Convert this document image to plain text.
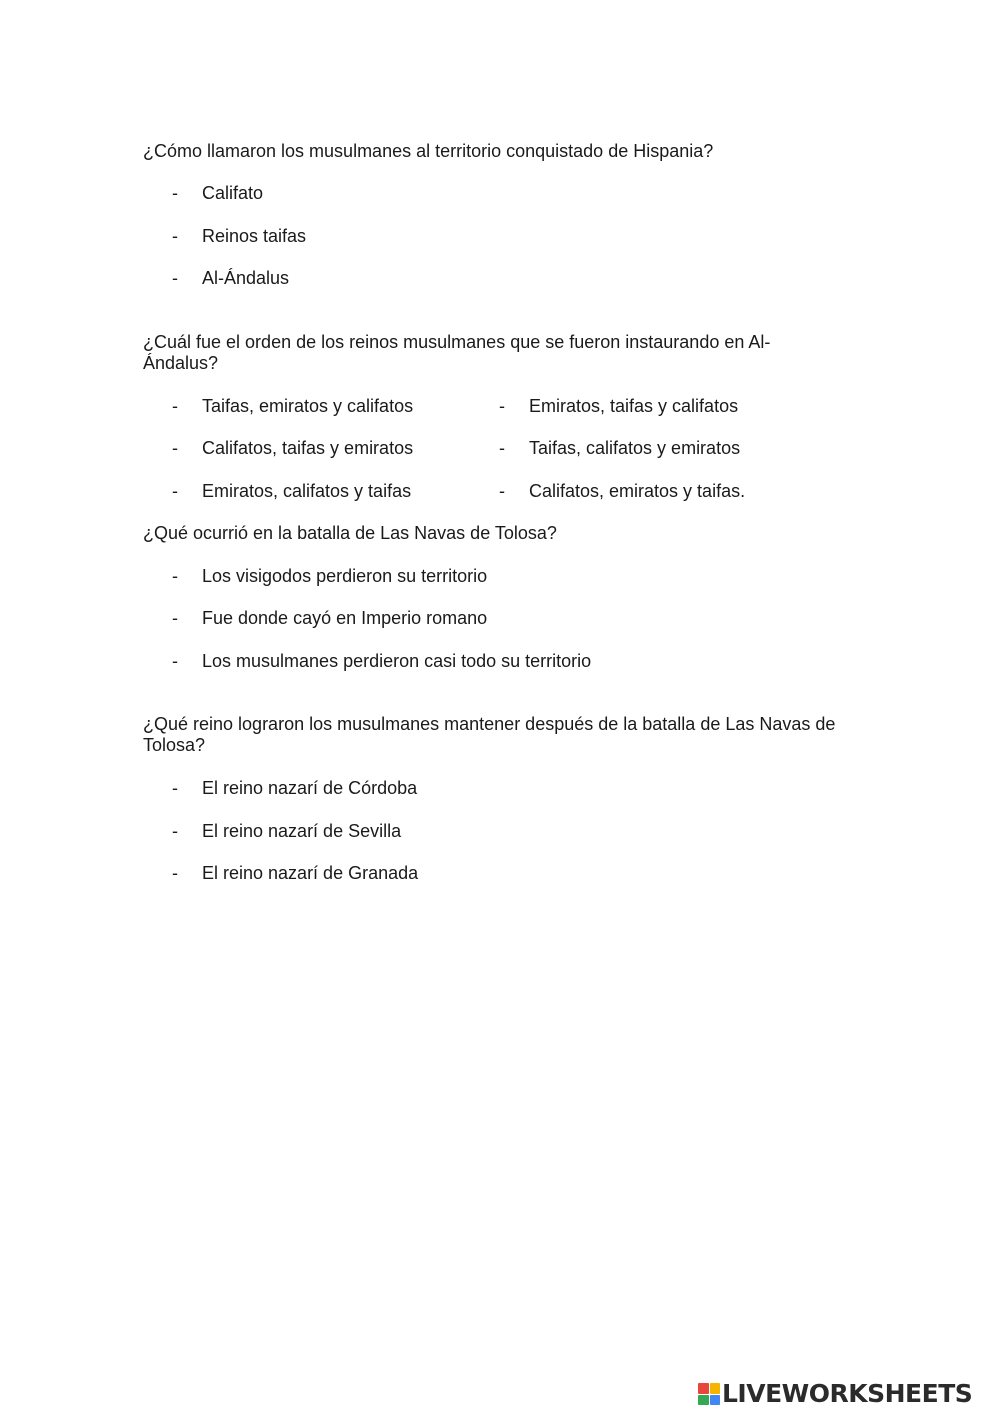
¿Cómo llamaron los musulmanes al territorio conquistado de Hispania?

- Califato
- Reinos taifas
- Al-Ándalus

¿Cuál fue el orden de los reinos musulmanes que se fueron instaurando en Al-
Ándalus?

- Taifas, emiratos y califatos	- Emiratos, taifas y califatos
- Califatos, taifas y emiratos	- Taifas, califatos y emiratos
- Emiratos, califatos y taifas	- Califatos, emiratos y taifas.

¿Qué ocurrió en la batalla de Las Navas de Tolosa?

- Los visigodos perdieron su territorio
- Fue donde cayó en Imperio romano
- Los musulmanes perdieron casi todo su territorio

¿Qué reino lograron los musulmanes mantener después de la batalla de Las Navas de
Tolosa?

- El reino nazarí de Córdoba
- El reino nazarí de Sevilla
- El reino nazarí de Granada
LIVEWORKSHEETS
